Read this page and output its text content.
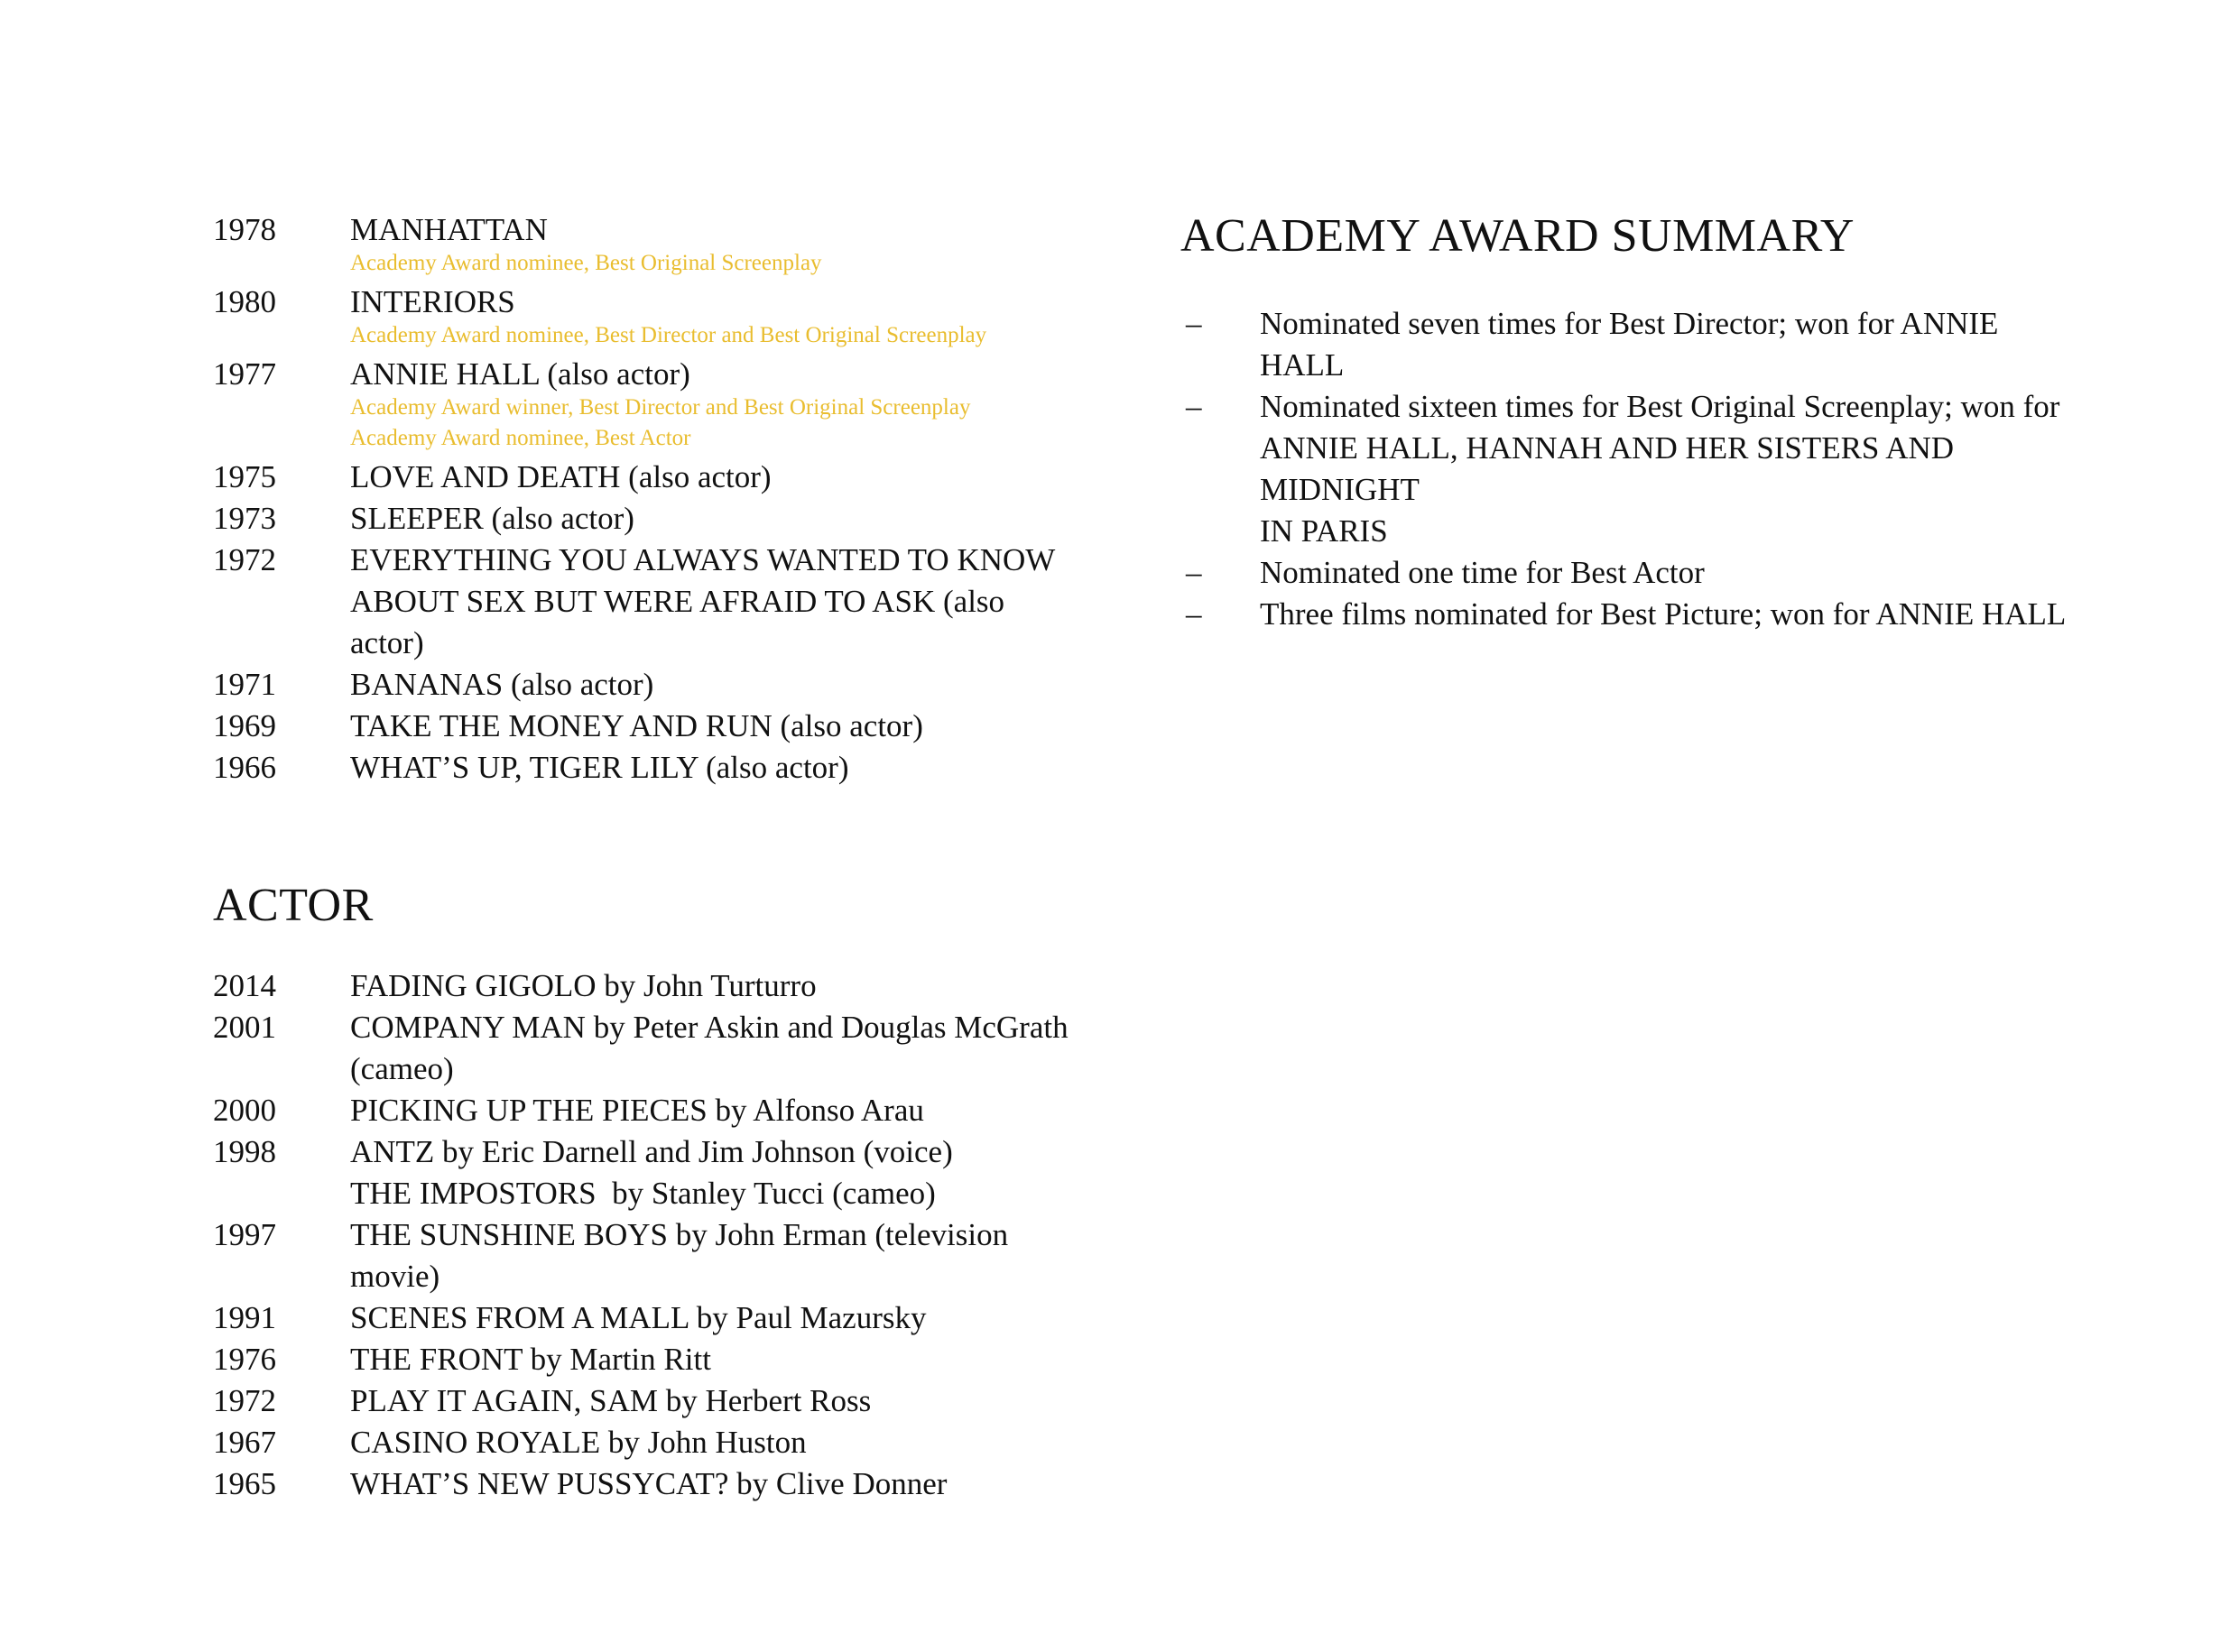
1978	MANHATTAN
Academy Award nominee, Best Original Screenplay
1980	INTERIORS
Academy Award nominee, Best Director and Best Original Screenplay
1977	ANNIE HALL (also actor)
Academy Award winner, Best Director and Best Original Screenplay
Academy Award nominee, Best Actor
1975	LOVE AND DEATH (also actor)
1973	SLEEPER (also actor)
1972	EVERYTHING YOU ALWAYS WANTED TO KNOW
ABOUT SEX BUT WERE AFRAID TO ASK (also actor)
1971	BANANAS (also actor)
1969	TAKE THE MONEY AND RUN (also actor)
1966	WHAT’S UP, TIGER LILY (also actor)
ACTOR
2014	FADING GIGOLO by John Turturro
2001	COMPANY MAN by Peter Askin and Douglas McGrath
(cameo)
2000	PICKING UP THE PIECES by Alfonso Arau
1998	ANTZ by Eric Darnell and Jim Johnson (voice)
THE IMPOSTORS  by Stanley Tucci (cameo)
1997	THE SUNSHINE BOYS by John Erman (television movie)
1991	SCENES FROM A MALL by Paul Mazursky
1976	THE FRONT by Martin Ritt
1972	PLAY IT AGAIN, SAM by Herbert Ross
1967	CASINO ROYALE by John Huston
1965	WHAT’S NEW PUSSYCAT? by Clive Donner
ACADEMY AWARD SUMMARY
–	Nominated seven times for Best Director; won for ANNIE HALL
–	Nominated sixteen times for Best Original Screenplay; won for
ANNIE HALL, HANNAH AND HER SISTERS AND MIDNIGHT
IN PARIS
–	Nominated one time for Best Actor
–	Three films nominated for Best Picture; won for ANNIE HALL
